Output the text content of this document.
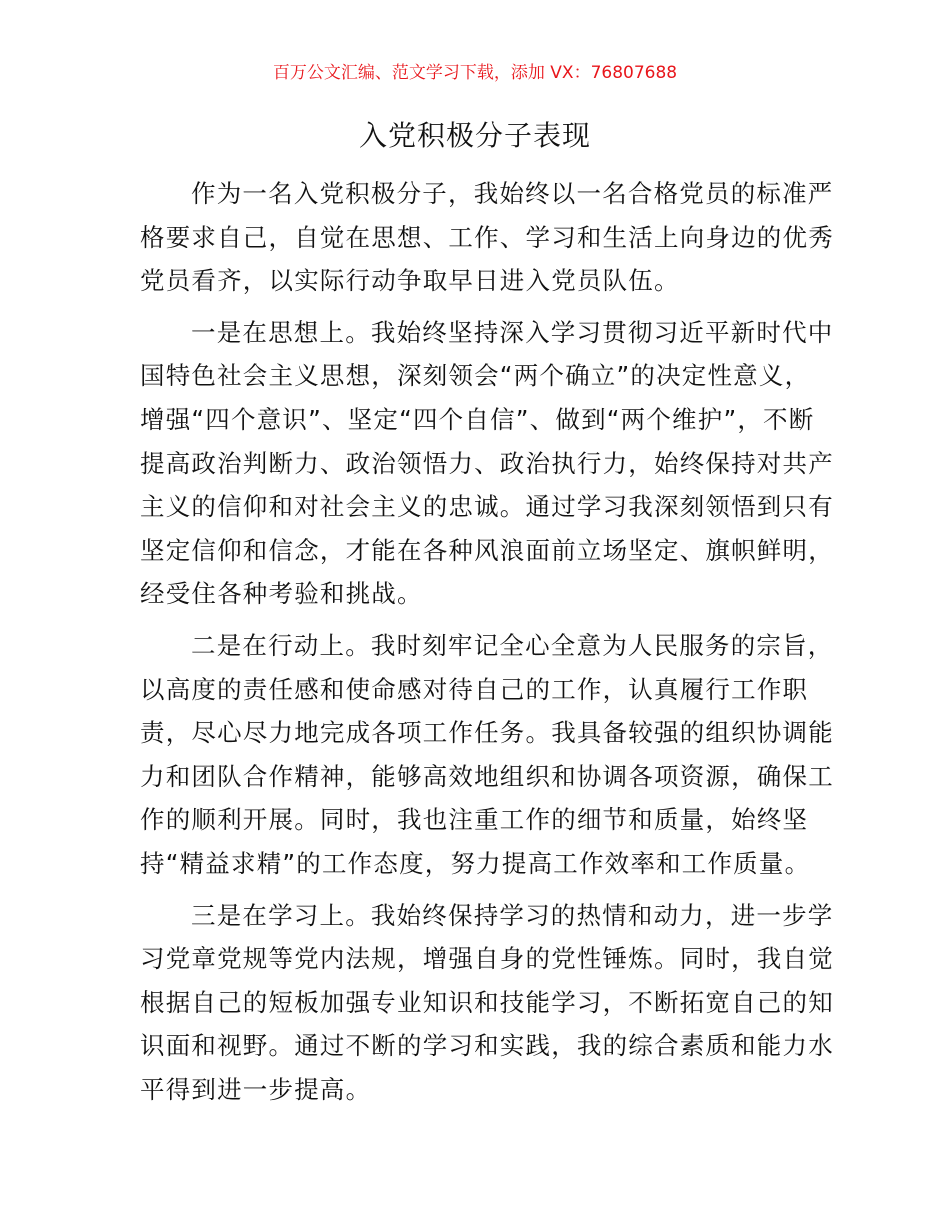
百万公文汇编、范文学习下载，添加 VX：76807688
入党积极分子表现
作为一名入党积极分子，我始终以一名合格党员的标准严
格要求自己，自觉在思想、工作、学习和生活上向身边的优秀
党员看齐，以实际行动争取早日进入党员队伍。
一是在思想上。我始终坚持深入学习贯彻习近平新时代中
国特色社会主义思想，深刻领会“两个确立”的决定性意义，
增强“四个意识”、坚定“四个自信”、做到“两个维护”，不断
提高政治判断力、政治领悟力、政治执行力，始终保持对共产
主义的信仰和对社会主义的忠诚。通过学习我深刻领悟到只有
坚定信仰和信念，才能在各种风浪面前立场坚定、旗帜鲜明，
经受住各种考验和挑战。
二是在行动上。我时刻牢记全心全意为人民服务的宗旨，
以高度的责任感和使命感对待自己的工作，认真履行工作职
责，尽心尽力地完成各项工作任务。我具备较强的组织协调能
力和团队合作精神，能够高效地组织和协调各项资源，确保工
作的顺利开展。同时，我也注重工作的细节和质量，始终坚
持“精益求精”的工作态度，努力提高工作效率和工作质量。
三是在学习上。我始终保持学习的热情和动力，进一步学
习党章党规等党内法规，增强自身的党性锤炼。同时，我自觉
根据自己的短板加强专业知识和技能学习，不断拓宽自己的知
识面和视野。通过不断的学习和实践，我的综合素质和能力水
平得到进一步提高。
